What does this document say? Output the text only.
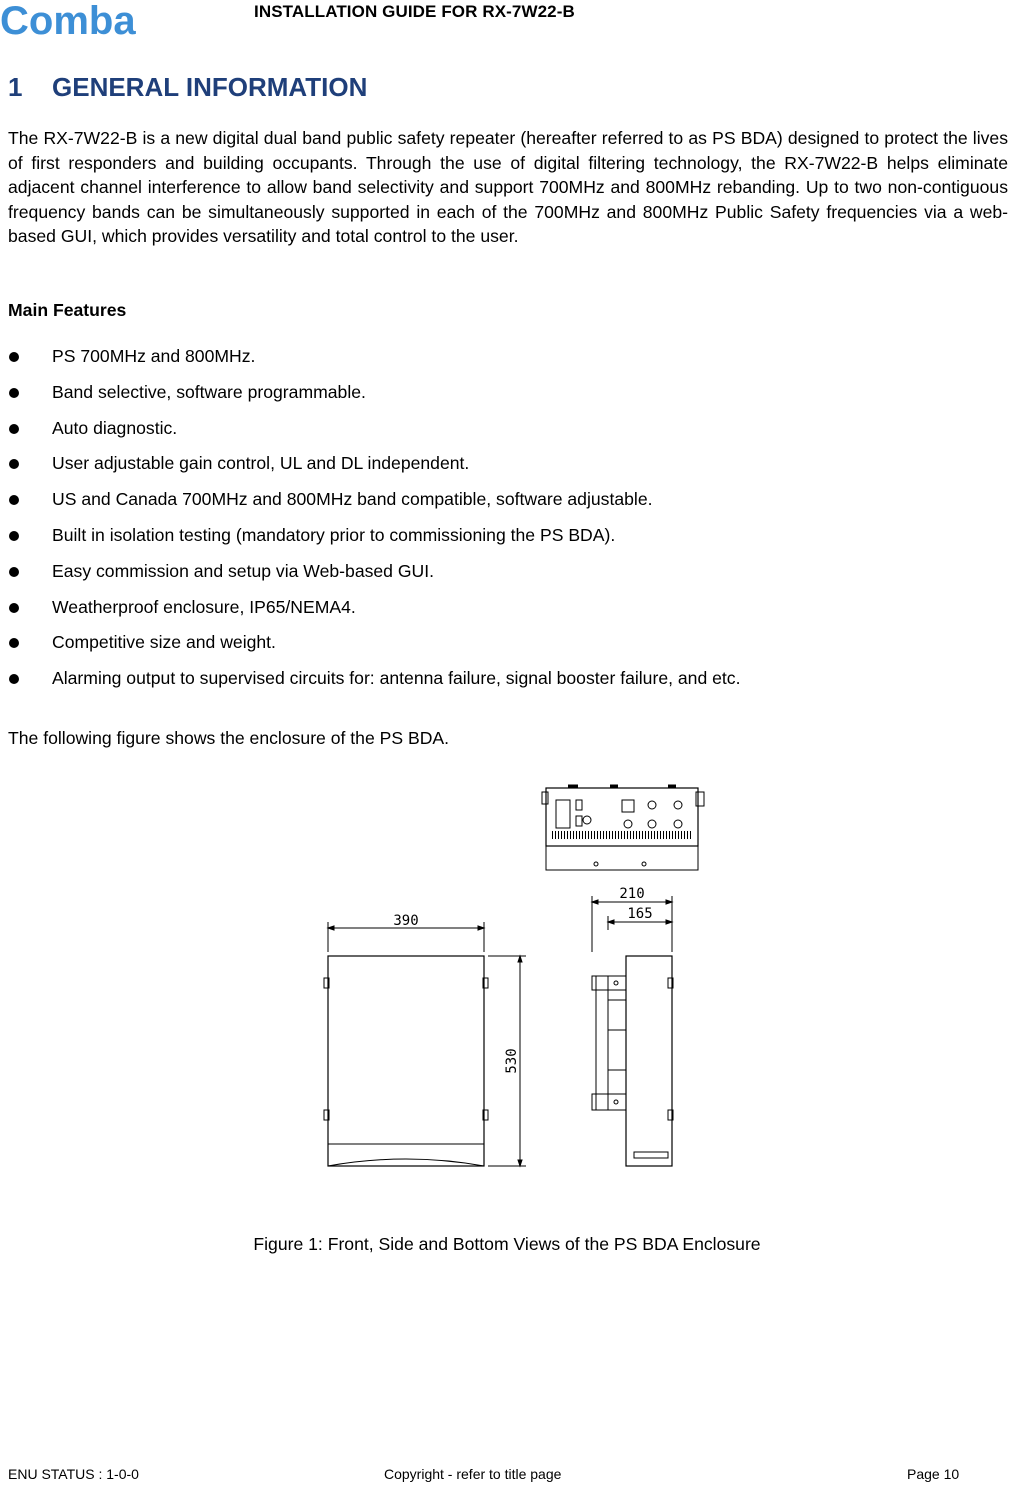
Comba	INSTALLATION GUIDE FOR RX-7W22-B
1 GENERAL INFORMATION

The RX-7W22-B is a new digital dual band public safety repeater (hereafter referred to as PS BDA) designed to protect the lives of first responders and building occupants. Through the use of digital filtering technology, the RX-7W22-B helps eliminate adjacent channel interference to allow band selectivity and support 700MHz and 800MHz rebanding. Up to two non-contiguous frequency bands can be simultaneously supported in each of the 700MHz and 800MHz Public Safety frequencies via a web-based GUI, which provides versatility and total control to the user.

Main Features

PS 700MHz and 800MHz.
Band selective, software programmable.
Auto diagnostic.
User adjustable gain control, UL and DL independent.
US and Canada 700MHz and 800MHz band compatible, software adjustable.
Built in isolation testing (mandatory prior to commissioning the PS BDA).
Easy commission and setup via Web-based GUI.
Weatherproof enclosure, IP65/NEMA4.
Competitive size and weight.
Alarming output to supervised circuits for: antenna failure, signal booster failure, and etc.

The following figure shows the enclosure of the PS BDA.

390
210
165
530
Figure 1: Front, Side and Bottom Views of the PS BDA Enclosure
ENU STATUS : 1-0-0	Copyright - refer to title page	Page 10
